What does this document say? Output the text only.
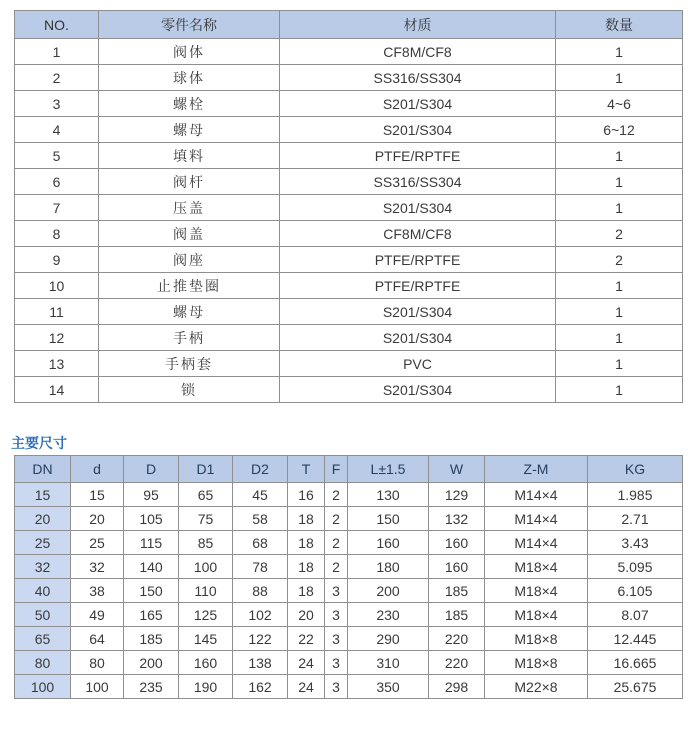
NO.	零件名称	材质	数量
1	阀体	CF8M/CF8	1
2	球体	SS316/SS304	1
3	螺栓	S201/S304	4~6
4	螺母	S201/S304	6~12
5	填料	PTFE/RPTFE	1
6	阀杆	SS316/SS304	1
7	压盖	S201/S304	1
8	阀盖	CF8M/CF8	2
9	阀座	PTFE/RPTFE	2
10	止推垫圈	PTFE/RPTFE	1
11	螺母	S201/S304	1
12	手柄	S201/S304	1
13	手柄套	PVC	1
14	锁	S201/S304	1
主要尺寸
DN	d	D	D1	D2	T	F	L±1.5	W	Z-M	KG
15	15	95	65	45	16	2	130	129	M14×4	1.985
20	20	105	75	58	18	2	150	132	M14×4	2.71
25	25	115	85	68	18	2	160	160	M14×4	3.43
32	32	140	100	78	18	2	180	160	M18×4	5.095
40	38	150	110	88	18	3	200	185	M18×4	6.105
50	49	165	125	102	20	3	230	185	M18×4	8.07
65	64	185	145	122	22	3	290	220	M18×8	12.445
80	80	200	160	138	24	3	310	220	M18×8	16.665
100	100	235	190	162	24	3	350	298	M22×8	25.675
